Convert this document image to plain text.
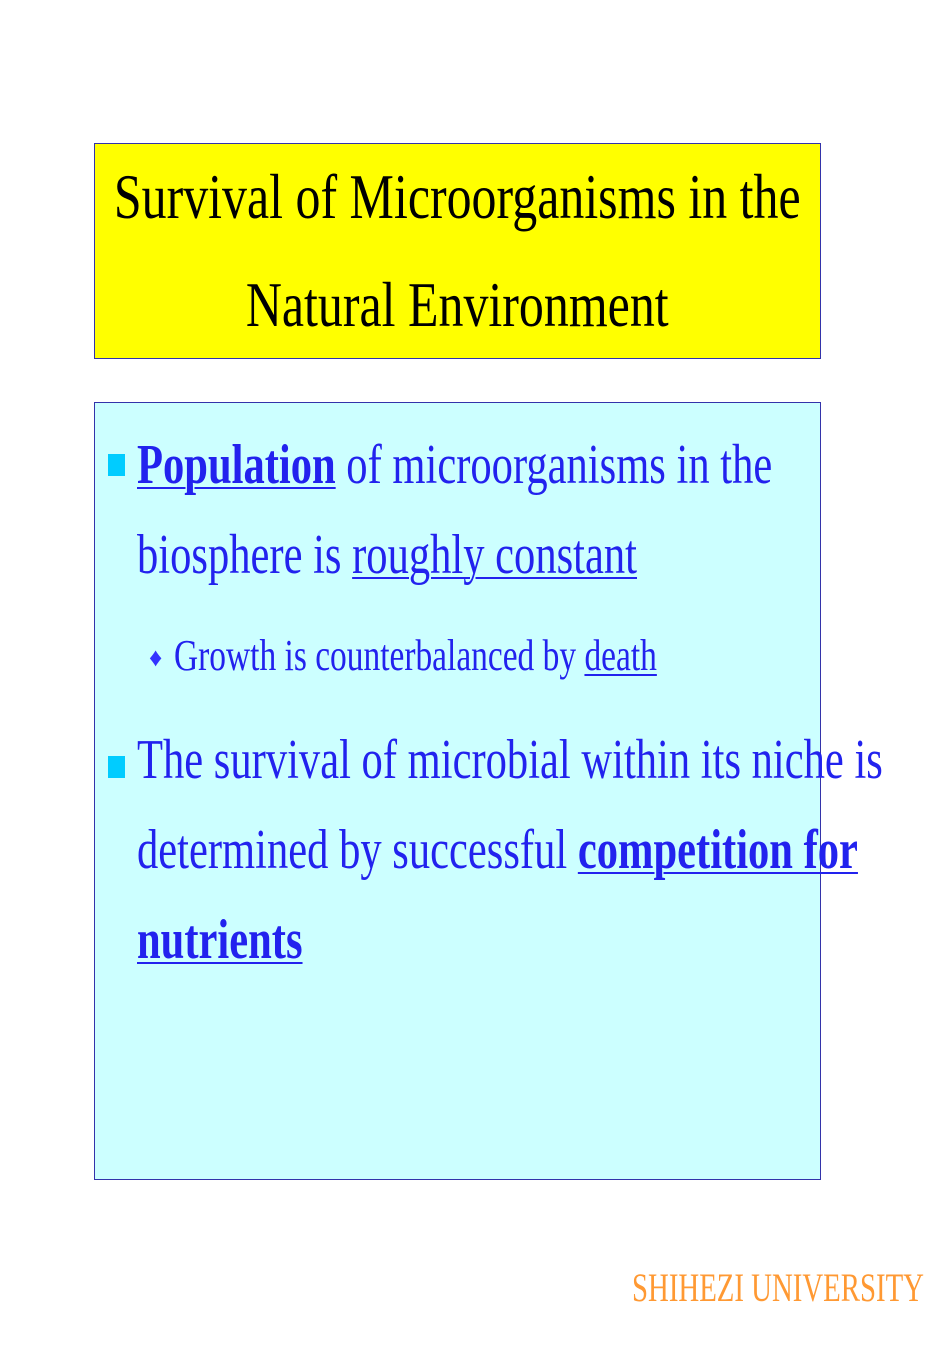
Survival of Microorganisms in the
Natural Environment
Population of microorganisms in the
biosphere is roughly constant
♦ Growth is counterbalanced by death
The survival of microbial within its niche is
determined by successful competition for
nutrients
SHIHEZI UNIVERSITY
